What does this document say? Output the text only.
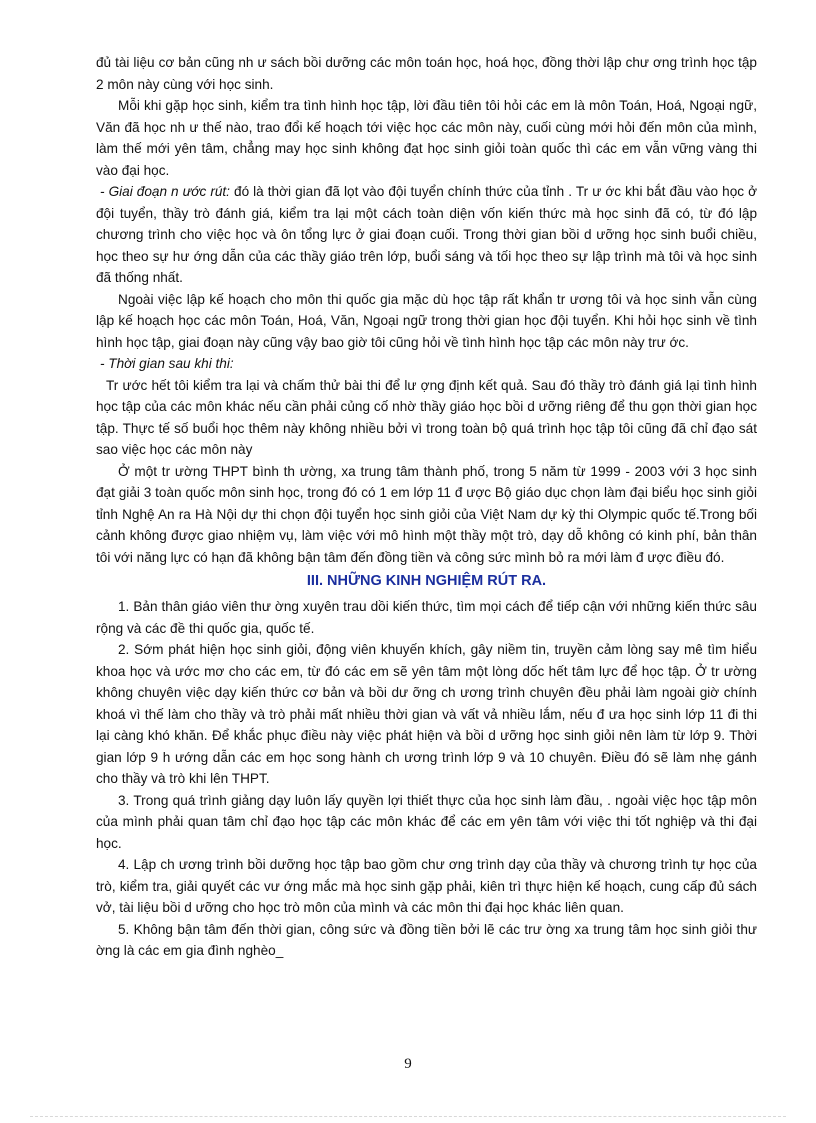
đủ tài liệu cơ bản cũng nh ư sách bồi dưỡng các môn toán học, hoá học, đồng thời lập chư ơng trình học tập 2 môn này cùng với học sinh.

Mỗi khi gặp học sinh, kiểm tra tình hình học tập, lời đầu tiên tôi hỏi các em là môn Toán, Hoá, Ngoại ngữ, Văn đã học nh ư thế nào, trao đổi kế hoạch tới việc học các môn này, cuối cùng mới hỏi đến môn của mình, làm thế mới yên tâm, chẳng may học sinh không đạt học sinh giỏi toàn quốc thì các em vẫn vững vàng thi vào đại học.

- Giai đoạn n ước rút: đó là thời gian đã lọt vào đội tuyển chính thức của tỉnh . Tr ư ớc khi bắt đầu vào học ở đội tuyển, thầy trò đánh giá, kiểm tra lại một cách toàn diện vốn kiến thức mà học sinh đã có, từ đó lập chương trình cho việc học và ôn tổng lực ở giai đoạn cuối. Trong thời gian bồi d ưỡng học sinh buổi chiều, học theo sự hư ớng dẫn của các thầy giáo trên lớp, buổi sáng và tối học theo sự lập trình mà tôi và học sinh đã thống nhất.

Ngoài việc lập kế hoạch cho môn thi quốc gia mặc dù học tập rất khẩn tr ương tôi và học sinh vẫn cùng lập kế hoạch học các môn Toán, Hoá, Văn, Ngoại ngữ trong thời gian học đội tuyển. Khi hỏi học sinh về tình hình học tập, giai đoạn này cũng vậy bao giờ tôi cũng hỏi về tình hình học tập các môn này trư ớc.

- Thời gian sau khi thi:

Tr ước hết tôi kiểm tra lại và chấm thử bài thi để lư ợng định kết quả. Sau đó thầy trò đánh giá lại tình hình học tập của các môn khác nếu cần phải củng cố nhờ thầy giáo học bồi d ưỡng riêng để thu gọn thời gian học tập. Thực tế số buổi học thêm này không nhiều bởi vì trong toàn bộ quá trình học tập tôi cũng đã chỉ đạo sát sao việc học các môn này

Ở một tr ường THPT bình th ường, xa trung tâm thành phố, trong 5 năm từ 1999 - 2003 với 3 học sinh đạt giải 3 toàn quốc môn sinh học, trong đó có 1 em lớp 11 đ ược Bộ giáo dục chọn làm đại biểu học sinh giỏi tỉnh Nghệ An ra Hà Nội dự thi chọn đội tuyển học sinh giỏi của Việt Nam dự kỳ thi Olympic quốc tế.Trong bối cảnh không được giao nhiệm vụ, làm việc với mô hình một thầy một trò, dạy dỗ không có kinh phí, bản thân tôi với năng lực có hạn đã không bận tâm đến đồng tiền và công sức mình bỏ ra mới làm đ ược điều đó.

III. NHỮNG KINH NGHIỆM RÚT RA.

1. Bản thân giáo viên thư ờng xuyên trau dồi kiến thức, tìm mọi cách để tiếp cận với những kiến thức sâu rộng và các đề thi quốc gia, quốc tế.

2. Sớm phát hiện học sinh giỏi, động viên khuyến khích, gây niềm tin, truyền cảm lòng say mê tìm hiểu khoa học và ước mơ cho các em, từ đó các em sẽ yên tâm một lòng dốc hết tâm lực để học tập. Ở tr ường không chuyên việc dạy kiến thức cơ bản và bồi dư ỡng ch ương trình chuyên đều phải làm ngoài giờ chính khoá vì thế làm cho thầy và trò phải mất nhiều thời gian và vất vả nhiều lắm, nếu đ ưa học sinh lớp 11 đi thi lại càng khó khăn. Để khắc phục điều này việc phát hiện và bồi d ưỡng học sinh giỏi nên làm từ lớp 9. Thời gian lớp 9 h ướng dẫn các em học song hành ch ương trình lớp 9 và 10 chuyên. Điều đó sẽ làm nhẹ gánh cho thầy và trò khi lên THPT.

3. Trong quá trình giảng dạy luôn lấy quyền lợi thiết thực của học sinh làm đầu, . ngoài việc học tập môn của mình phải quan tâm chỉ đạo học tập các môn khác để các em yên tâm với việc thi tốt nghiệp và thi đại học.

4. Lập ch ương trình bồi dưỡng học tập bao gồm chư ơng trình dạy của thầy và chương trình tự học của trò, kiểm tra, giải quyết các vư ớng mắc mà học sinh gặp phải, kiên trì thực hiện kế hoạch, cung cấp đủ sách vở, tài liệu bồi d ưỡng cho học trò môn của mình và các môn thi đại học khác liên quan.

5. Không bận tâm đến thời gian, công sức và đồng tiền bởi lẽ các trư ờng xa trung tâm học sinh giỏi thư ờng là các em gia đình nghèo_

9
